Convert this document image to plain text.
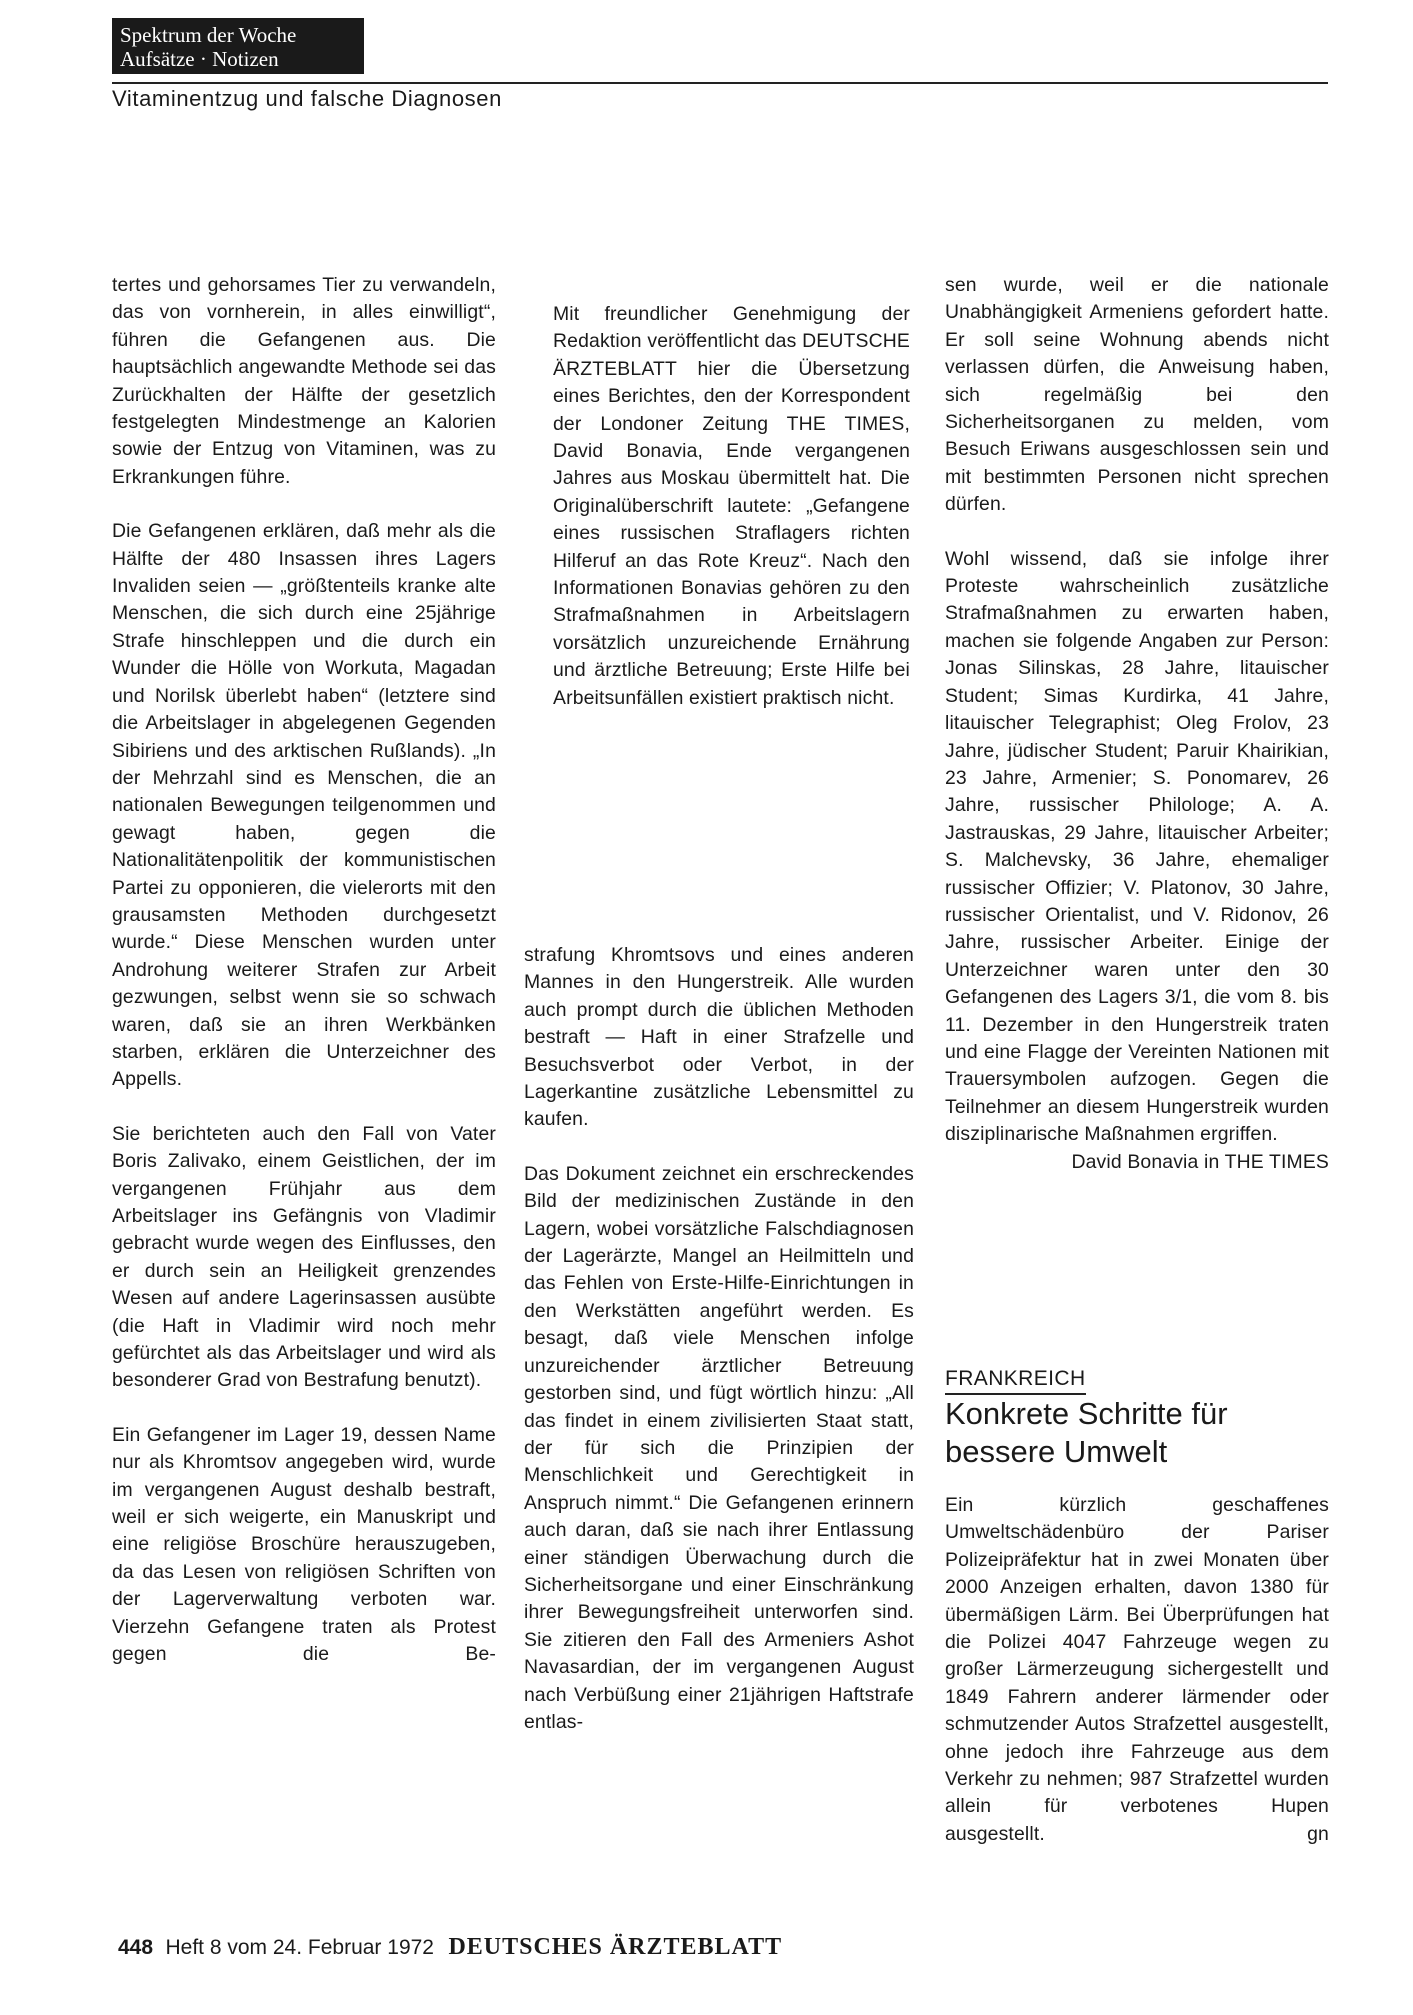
Spektrum der Woche
Aufsätze · Notizen
Vitaminentzug und falsche Diagnosen

tertes und gehorsames Tier zu verwandeln, das von vornherein, in alles einwilligt“, führen die Gefangenen aus. Die hauptsächlich angewandte Methode sei das Zurückhalten der Hälfte der gesetzlich festgelegten Mindestmenge an Kalorien sowie der Entzug von Vitaminen, was zu Erkrankungen führe.

Die Gefangenen erklären, daß mehr als die Hälfte der 480 Insassen ihres Lagers Invaliden seien — „größtenteils kranke alte Menschen, die sich durch eine 25jährige Strafe hinschleppen und die durch ein Wunder die Hölle von Workuta, Magadan und Norilsk überlebt haben“ (letztere sind die Arbeitslager in abgelegenen Gegenden Sibiriens und des arktischen Rußlands). „In der Mehrzahl sind es Menschen, die an nationalen Bewegungen teilgenommen und gewagt haben, gegen die Nationalitätenpolitik der kommunistischen Partei zu opponieren, die vielerorts mit den grausamsten Methoden durchgesetzt wurde.“ Diese Menschen wurden unter Androhung weiterer Strafen zur Arbeit gezwungen, selbst wenn sie so schwach waren, daß sie an ihren Werkbänken starben, erklären die Unterzeichner des Appells.

Sie berichteten auch den Fall von Vater Boris Zalivako, einem Geistlichen, der im vergangenen Frühjahr aus dem Arbeitslager ins Gefängnis von Vladimir gebracht wurde wegen des Einflusses, den er durch sein an Heiligkeit grenzendes Wesen auf andere Lagerinsassen ausübte (die Haft in Vladimir wird noch mehr gefürchtet als das Arbeitslager und wird als besonderer Grad von Bestrafung benutzt).

Ein Gefangener im Lager 19, dessen Name nur als Khromtsov angegeben wird, wurde im vergangenen August deshalb bestraft, weil er sich weigerte, ein Manuskript und eine religiöse Broschüre herauszugeben, da das Lesen von religiösen Schriften von der Lagerverwaltung verboten war. Vierzehn Gefangene traten als Protest gegen die Be-

Mit freundlicher Genehmigung der Redaktion veröffentlicht das DEUTSCHE ÄRZTEBLATT hier die Übersetzung eines Berichtes, den der Korrespondent der Londoner Zeitung THE TIMES, David Bonavia, Ende vergangenen Jahres aus Moskau übermittelt hat. Die Originalüberschrift lautete: „Gefangene eines russischen Straflagers richten Hilferuf an das Rote Kreuz“. Nach den Informationen Bonavias gehören zu den Strafmaßnahmen in Arbeitslagern vorsätzlich unzureichende Ernährung und ärztliche Betreuung; Erste Hilfe bei Arbeitsunfällen existiert praktisch nicht.

strafung Khromtsovs und eines anderen Mannes in den Hungerstreik. Alle wurden auch prompt durch die üblichen Methoden bestraft — Haft in einer Strafzelle und Besuchsverbot oder Verbot, in der Lagerkantine zusätzliche Lebensmittel zu kaufen.

Das Dokument zeichnet ein erschreckendes Bild der medizinischen Zustände in den Lagern, wobei vorsätzliche Falschdiagnosen der Lagerärzte, Mangel an Heilmitteln und das Fehlen von Erste-Hilfe-Einrichtungen in den Werkstätten angeführt werden. Es besagt, daß viele Menschen infolge unzureichender ärztlicher Betreuung gestorben sind, und fügt wörtlich hinzu: „All das findet in einem zivilisierten Staat statt, der für sich die Prinzipien der Menschlichkeit und Gerechtigkeit in Anspruch nimmt.“ Die Gefangenen erinnern auch daran, daß sie nach ihrer Entlassung einer ständigen Überwachung durch die Sicherheitsorgane und einer Einschränkung ihrer Bewegungsfreiheit unterworfen sind. Sie zitieren den Fall des Armeniers Ashot Navasardian, der im vergangenen August nach Verbüßung einer 21jährigen Haftstrafe entlas-

sen wurde, weil er die nationale Unabhängigkeit Armeniens gefordert hatte. Er soll seine Wohnung abends nicht verlassen dürfen, die Anweisung haben, sich regelmäßig bei den Sicherheitsorganen zu melden, vom Besuch Eriwans ausgeschlossen sein und mit bestimmten Personen nicht sprechen dürfen.

Wohl wissend, daß sie infolge ihrer Proteste wahrscheinlich zusätzliche Strafmaßnahmen zu erwarten haben, machen sie folgende Angaben zur Person: Jonas Silinskas, 28 Jahre, litauischer Student; Simas Kurdirka, 41 Jahre, litauischer Telegraphist; Oleg Frolov, 23 Jahre, jüdischer Student; Paruir Khairikian, 23 Jahre, Armenier; S. Ponomarev, 26 Jahre, russischer Philologe; A. A. Jastrauskas, 29 Jahre, litauischer Arbeiter; S. Malchevsky, 36 Jahre, ehemaliger russischer Offizier; V. Platonov, 30 Jahre, russischer Orientalist, und V. Ridonov, 26 Jahre, russischer Arbeiter. Einige der Unterzeichner waren unter den 30 Gefangenen des Lagers 3/1, die vom 8. bis 11. Dezember in den Hungerstreik traten und eine Flagge der Vereinten Nationen mit Trauersymbolen aufzogen. Gegen die Teilnehmer an diesem Hungerstreik wurden disziplinarische Maßnahmen ergriffen.

David Bonavia in THE TIMES
FRANKREICH
Konkrete Schritte für bessere Umwelt

Ein kürzlich geschaffenes Umweltschädenbüro der Pariser Polizeipräfektur hat in zwei Monaten über 2000 Anzeigen erhalten, davon 1380 für übermäßigen Lärm. Bei Überprüfungen hat die Polizei 4047 Fahrzeuge wegen zu großer Lärmerzeugung sichergestellt und 1849 Fahrern anderer lärmender oder schmutzender Autos Strafzettel ausgestellt, ohne jedoch ihre Fahrzeuge aus dem Verkehr zu nehmen; 987 Strafzettel wurden allein für verbotenes Hupen ausgestellt.	gn

448 Heft 8 vom 24. Februar 1972 DEUTSCHES ÄRZTEBLATT
